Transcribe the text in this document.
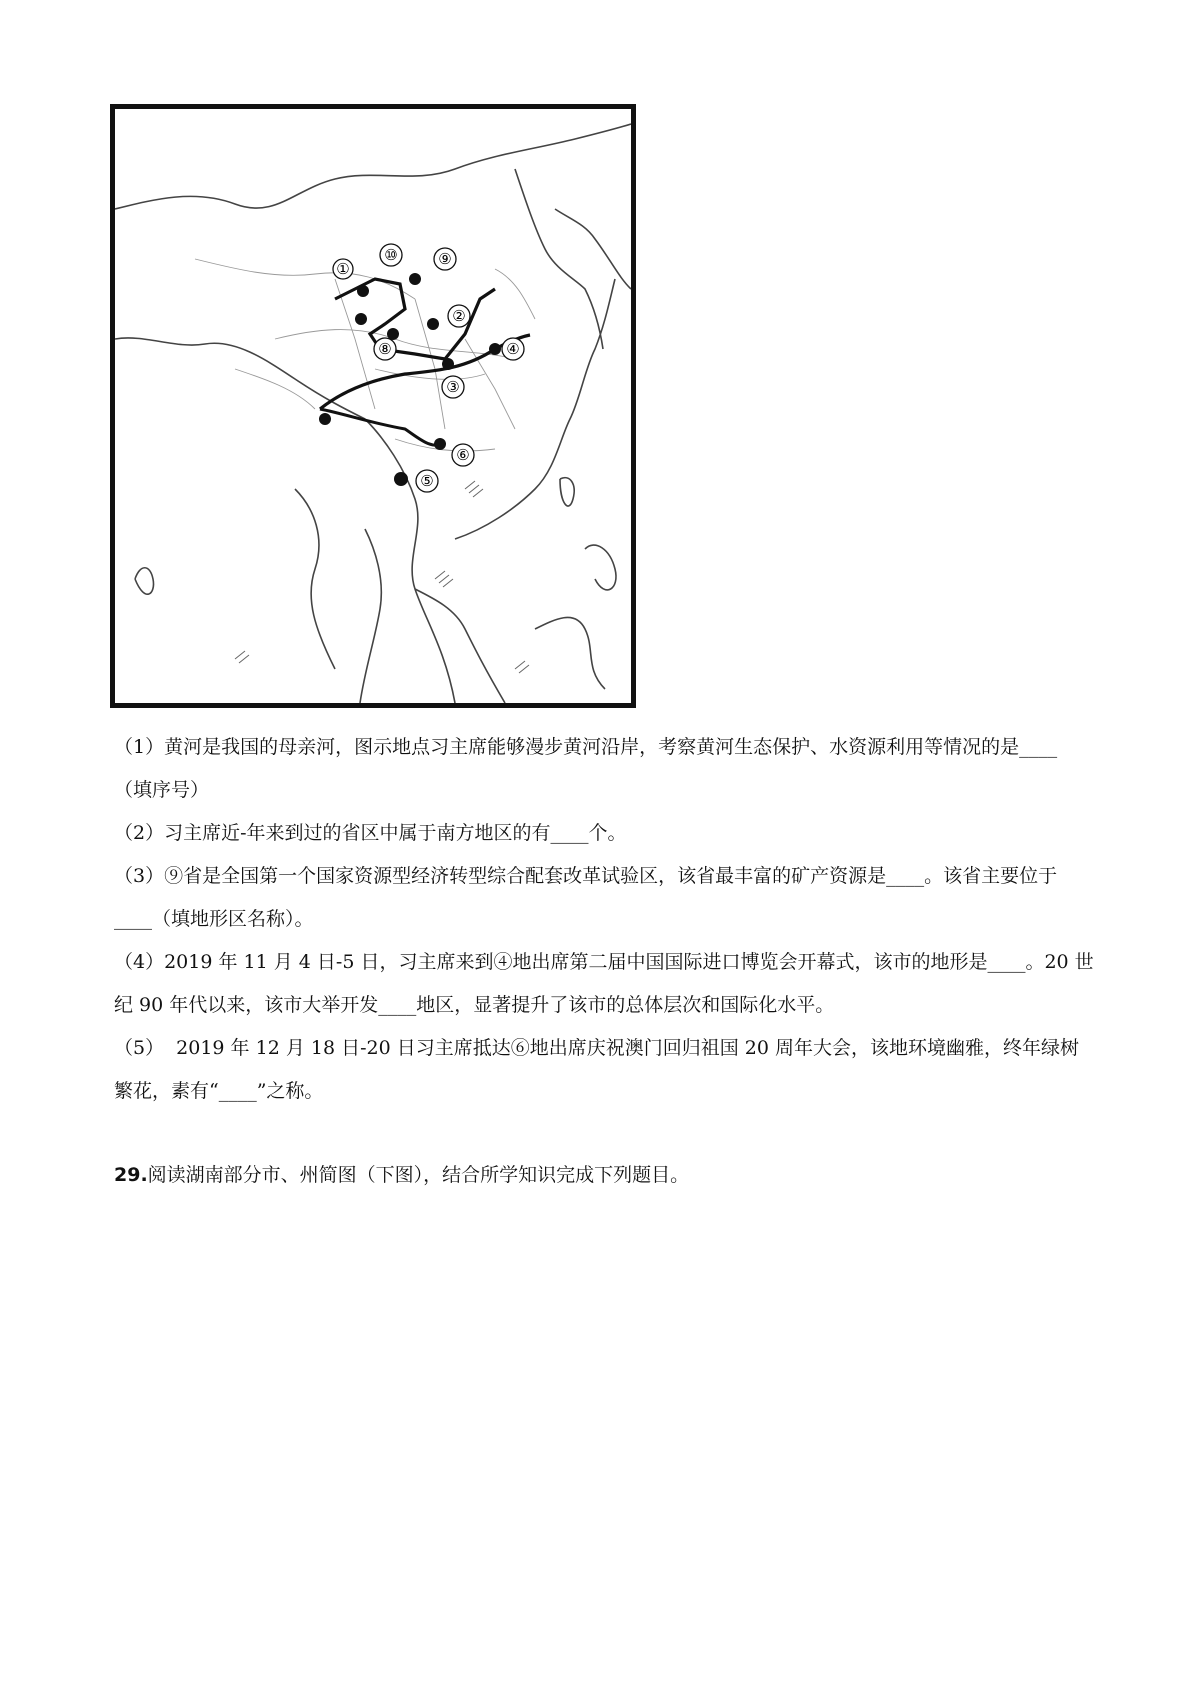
①
⑩	⑨
②
⑧	④
③
⑥
⑤

（1）黄河是我国的母亲河，图示地点习主席能够漫步黄河沿岸，考察黄河生态保护、水资源利用等情况的是____（填序号）

（2）习主席近-年来到过的省区中属于南方地区的有____个。

（3）⑨省是全国第一个国家资源型经济转型综合配套改革试验区，该省最丰富的矿产资源是____。该省主要位于____（填地形区名称）。

（4）2019 年 11 月 4 日-5 日，习主席来到④地出席第二届中国国际进口博览会开幕式，该市的地形是____。20 世纪 90 年代以来，该市大举开发____地区，显著提升了该市的总体层次和国际化水平。

（5）  2019 年 12 月 18 日-20 日习主席抵达⑥地出席庆祝澳门回归祖国 20 周年大会，该地环境幽雅，终年绿树繁花，素有“____”之称。

29.阅读湖南部分市、州简图（下图），结合所学知识完成下列题目。
